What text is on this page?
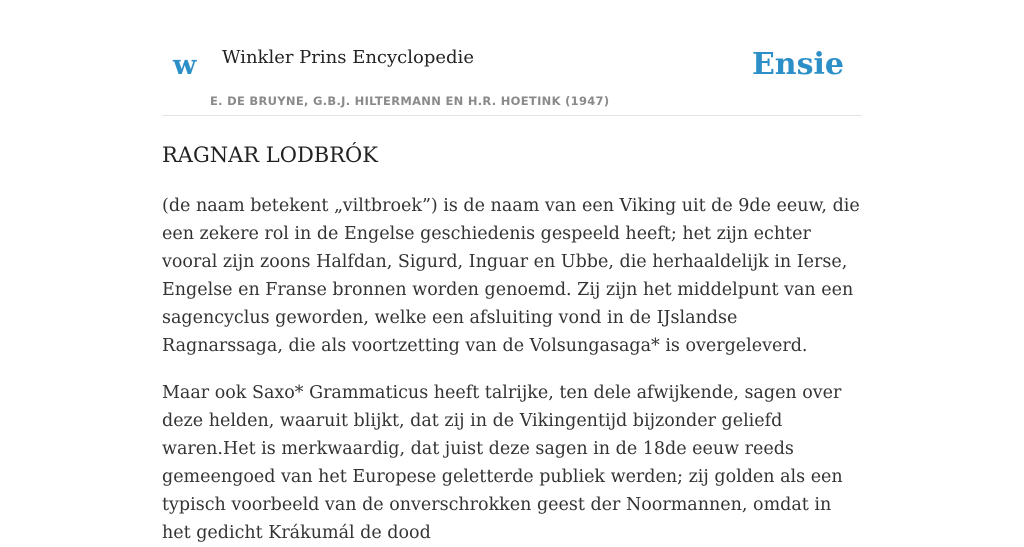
w Winkler Prins Encyclopedie
E. DE BRUYNE, G.B.J. HILTERMANN EN H.R. HOETINK (1947)
Ensie
RAGNAR LODBRÓK

(de naam betekent „viltbroek”) is de naam van een Viking uit de 9de eeuw, die een zekere rol in de Engelse geschiedenis gespeeld heeft; het zijn echter vooral zijn zoons Halfdan, Sigurd, Inguar en Ubbe, die herhaaldelijk in Ierse, Engelse en Franse bronnen worden genoemd. Zij zijn het middelpunt van een sagencyclus geworden, welke een afsluiting vond in de IJslandse Ragnarssaga, die als voortzetting van de Volsungasaga* is overgeleverd.

Maar ook Saxo* Grammaticus heeft talrijke, ten dele afwijkende, sagen over deze helden, waaruit blijkt, dat zij in de Vikingentijd bijzonder geliefd waren.Het is merkwaardig, dat juist deze sagen in de 18de eeuw reeds gemeengoed van het Europese geletterde publiek werden; zij golden als een typisch voorbeeld van de onverschrokken geest der Noormannen, omdat in het gedicht Krákumál de dood
